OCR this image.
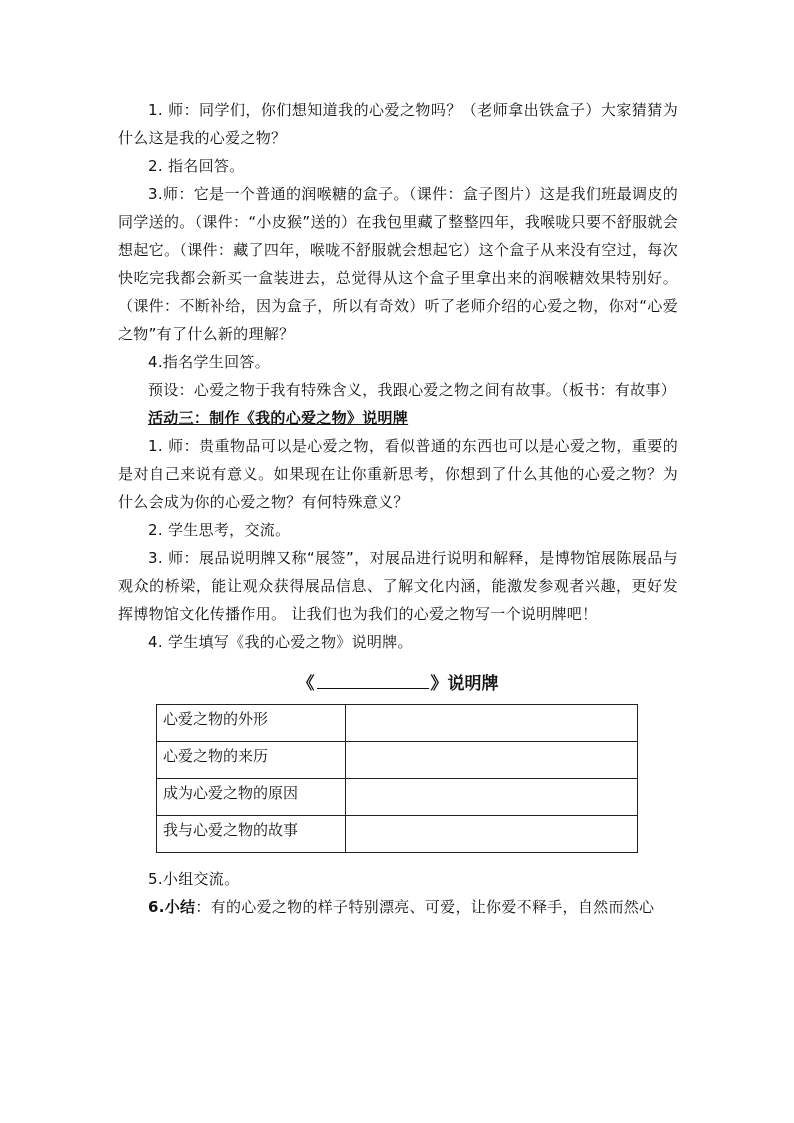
1. 师：同学们，你们想知道我的心爱之物吗？（老师拿出铁盒子）大家猜猜为什么这是我的心爱之物？

2. 指名回答。

3.师：它是一个普通的润喉糖的盒子。（课件：盒子图片）这是我们班最调皮的同学送的。（课件：“小皮猴”送的）在我包里藏了整整四年，我喉咙只要不舒服就会想起它。（课件：藏了四年，喉咙不舒服就会想起它）这个盒子从来没有空过，每次快吃完我都会新买一盒装进去，总觉得从这个盒子里拿出来的润喉糖效果特别好。（课件：不断补给，因为盒子，所以有奇效）听了老师介绍的心爱之物，你对“心爱之物”有了什么新的理解？

4.指名学生回答。

预设：心爱之物于我有特殊含义，我跟心爱之物之间有故事。（板书：有故事）

活动三：制作《我的心爱之物》说明牌

1. 师：贵重物品可以是心爱之物，看似普通的东西也可以是心爱之物，重要的是对自己来说有意义。如果现在让你重新思考，你想到了什么其他的心爱之物？为什么会成为你的心爱之物？有何特殊意义？

2. 学生思考，交流。

3. 师：展品说明牌又称“展签”，对展品进行说明和解释，是博物馆展陈展品与观众的桥梁，能让观众获得展品信息、了解文化内涵，能激发参观者兴趣，更好发挥博物馆文化传播作用。 让我们也为我们的心爱之物写一个说明牌吧！

4. 学生填写《我的心爱之物》说明牌。

《	》说明牌
心爱之物的外形	
心爱之物的来历	
成为心爱之物的原因	
我与心爱之物的故事	

5.小组交流。

6.小结：有的心爱之物的样子特别漂亮、可爱，让你爱不释手，自然而然心
